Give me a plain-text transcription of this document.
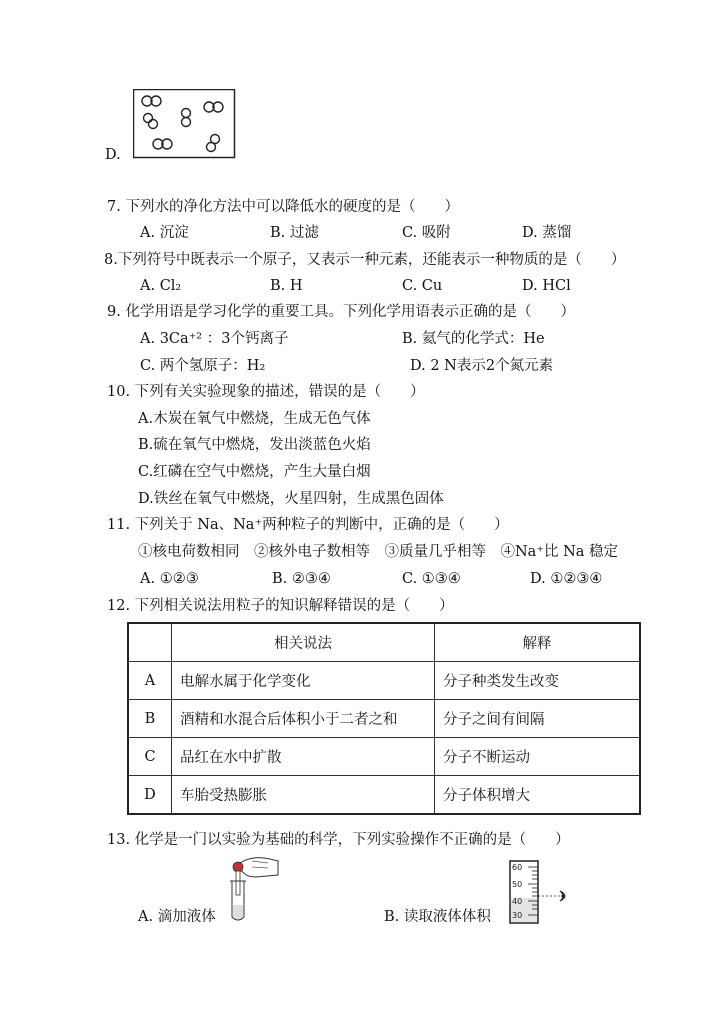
D.
7. 下列水的净化方法中可以降低水的硬度的是（　　）
A. 沉淀	B. 过滤	C. 吸附	D. 蒸馏
8.下列符号中既表示一个原子，又表示一种元素，还能表示一种物质的是（　　）
A. Cl₂	B. H	C. Cu	D. HCl
9. 化学用语是学习化学的重要工具。下列化学用语表示正确的是（　　）
A. 3Ca⁺² ：3个钙离子	B. 氦气的化学式：He
C. 两个氢原子：H₂	D. 2 N表示2个氮元素
10. 下列有关实验现象的描述，错误的是（　　）
A.木炭在氧气中燃烧，生成无色气体
B.硫在氧气中燃烧，发出淡蓝色火焰
C.红磷在空气中燃烧，产生大量白烟
D.铁丝在氧气中燃烧，火星四射，生成黑色固体
11. 下列关于 Na、Na⁺两种粒子的判断中，正确的是（　　）
①核电荷数相同　②核外电子数相等　③质量几乎相等　④Na⁺比 Na 稳定
A. ①②③	B. ②③④	C. ①③④	D. ①②③④
12. 下列相关说法用粒子的知识解释错误的是（　　）
	相关说法	解释
A	电解水属于化学变化	分子种类发生改变
B	酒精和水混合后体积小于二者之和	分子之间有间隔
C	品红在水中扩散	分子不断运动
D	车胎受热膨胀	分子体积增大
13. 化学是一门以实验为基础的科学，下列实验操作不正确的是（　　）
A. 滴加液体
60
50
40
30
B. 读取液体体积
